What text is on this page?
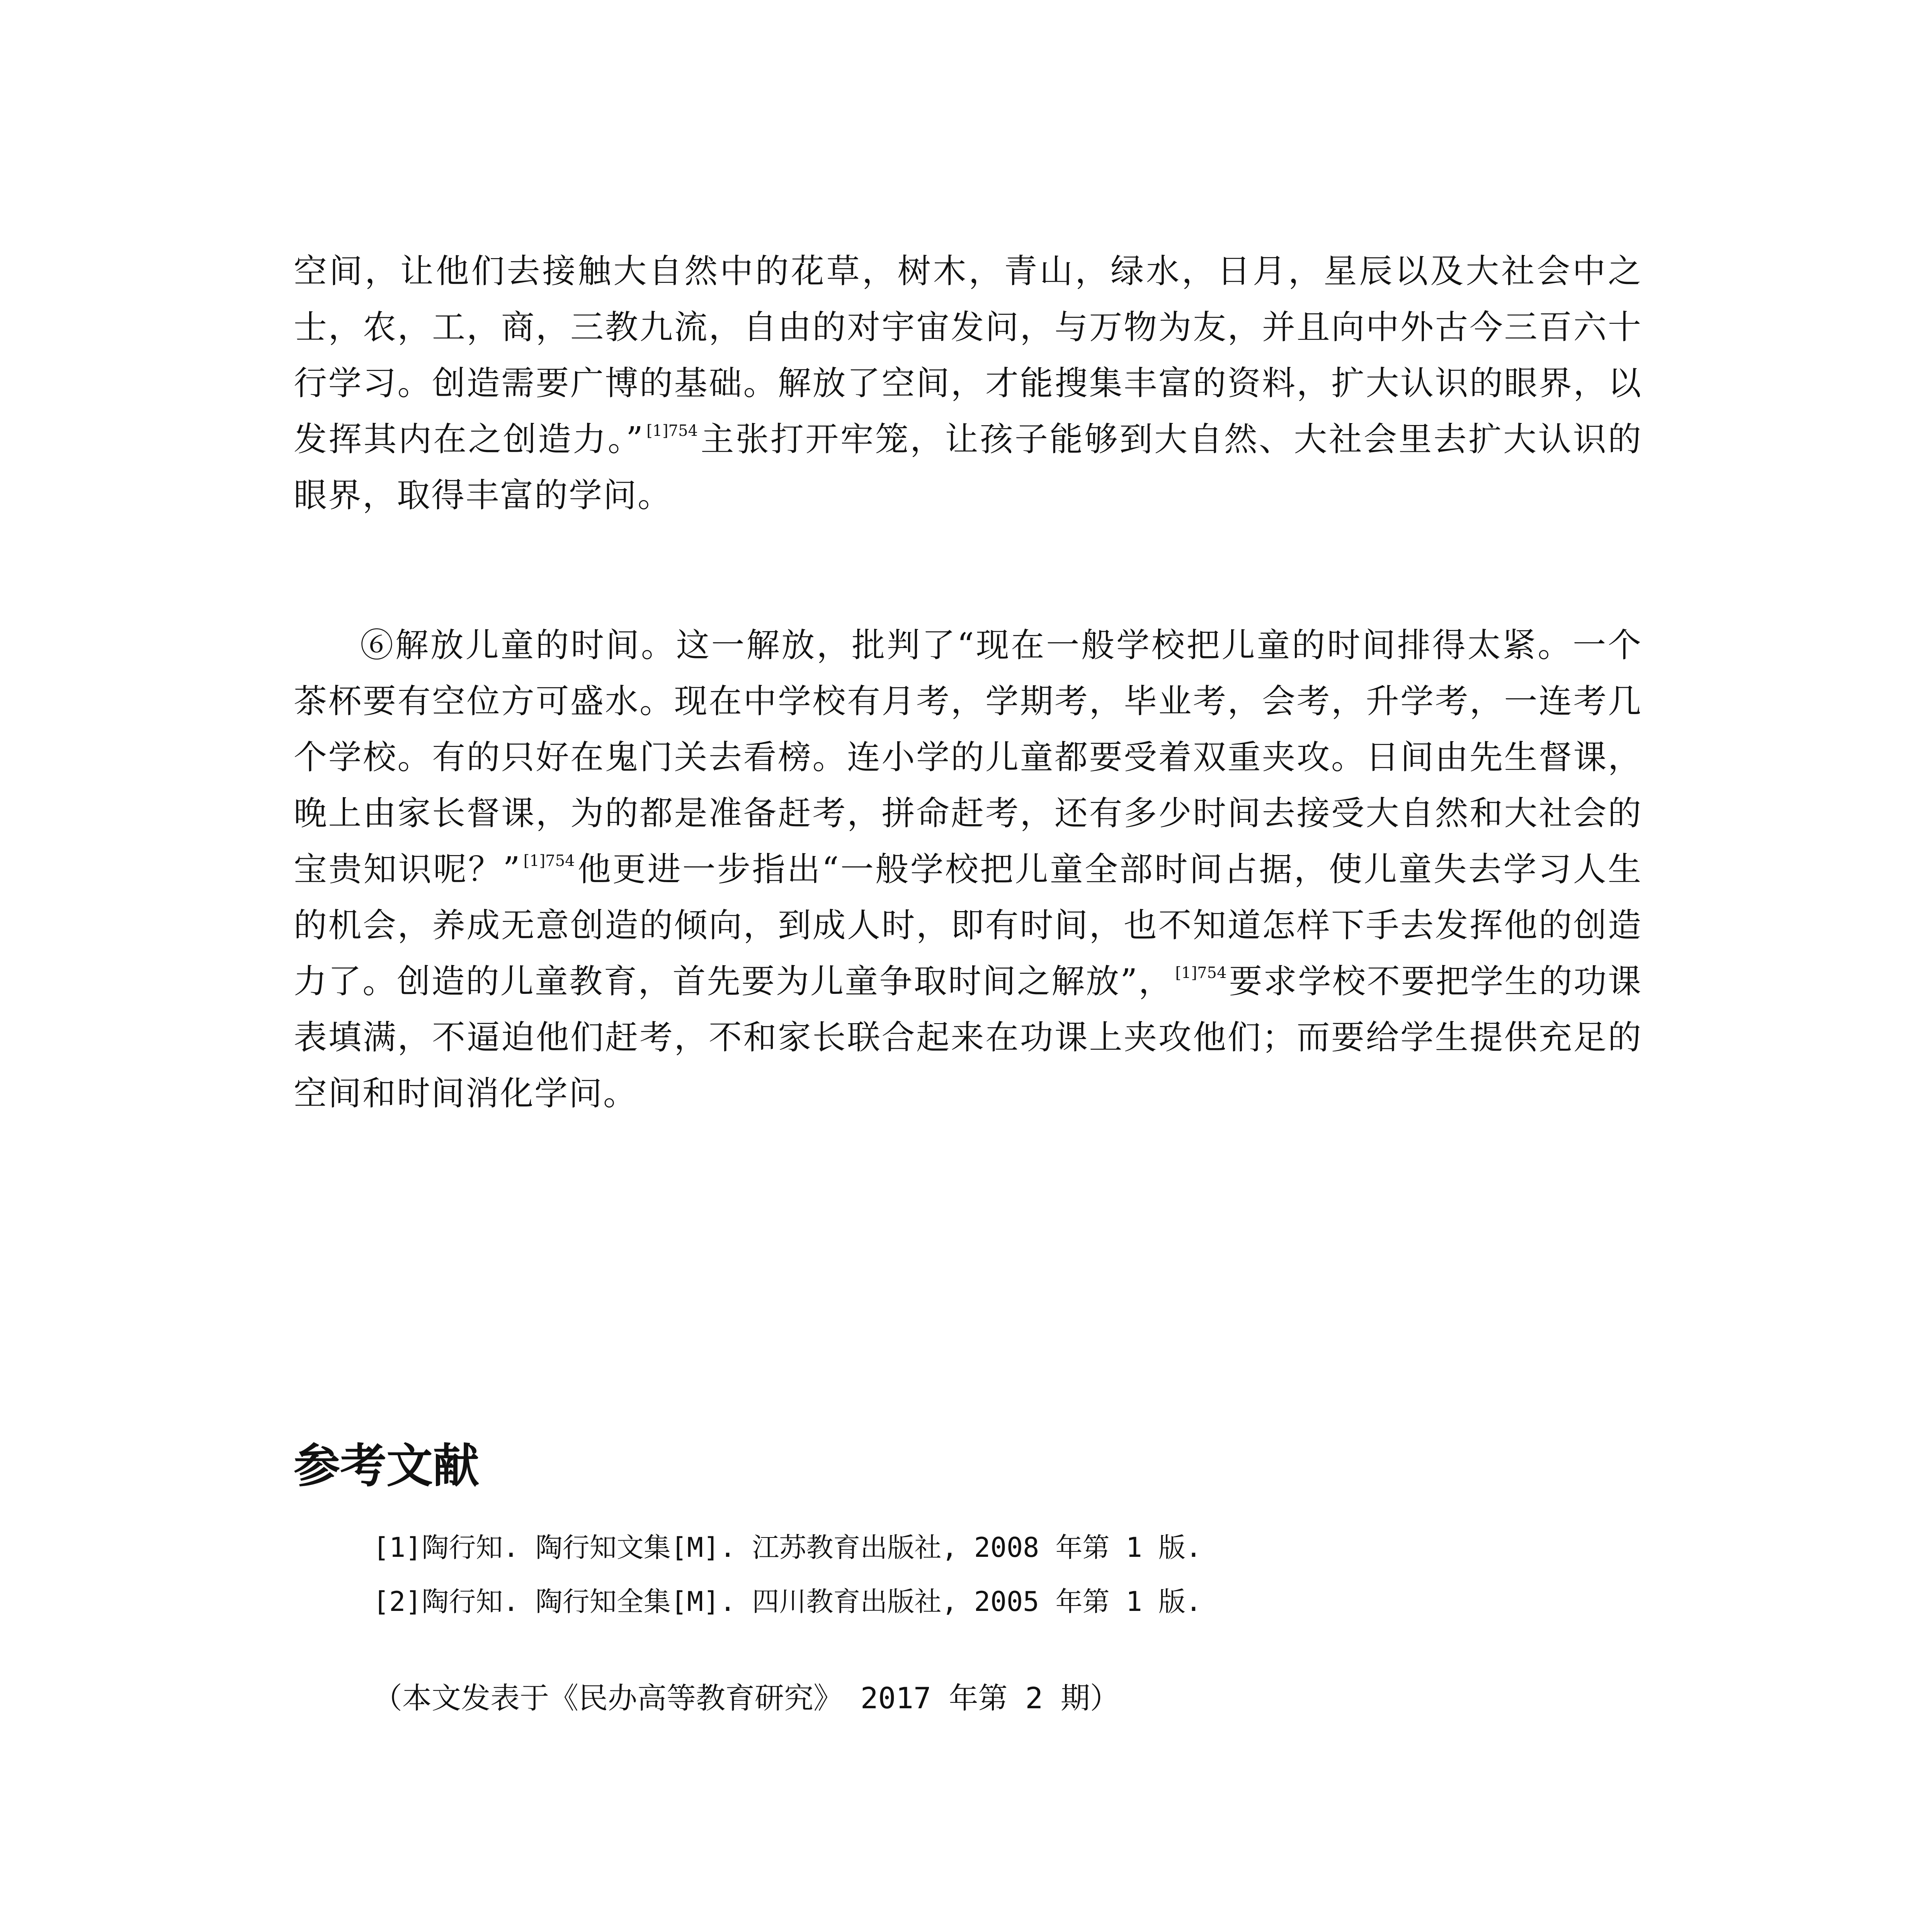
空间，让他们去接触大自然中的花草，树木，青山，绿水，日月，星辰以及大社会中之士，农，工，商，三教九流，自由的对宇宙发问，与万物为友，并且向中外古今三百六十行学习。创造需要广博的基础。解放了空间，才能搜集丰富的资料，扩大认识的眼界，以发挥其内在之创造力。” $^{[1]754}$主张打开牢笼，让孩子能够到大自然、大社会里去扩大认识的眼界，取得丰富的学问。

⑥解放儿童的时间。这一解放，批判了“现在一般学校把儿童的时间排得太紧。一个茶杯要有空位方可盛水。现在中学校有月考，学期考，毕业考，会考，升学考，一连考几个学校。有的只好在鬼门关去看榜。连小学的儿童都要受着双重夹攻。日间由先生督课，晚上由家长督课，为的都是准备赶考，拼命赶考，还有多少时间去接受大自然和大社会的宝贵知识呢？” $^{[1]754}$他更进一步指出“一般学校把儿童全部时间占据，使儿童失去学习人生的机会，养成无意创造的倾向，到成人时，即有时间，也不知道怎样下手去发挥他的创造力了。创造的儿童教育，首先要为儿童争取时间之解放”， $^{[1]754}$要求学校不要把学生的功课表填满，不逼迫他们赶考，不和家长联合起来在功课上夹攻他们；而要给学生提供充足的空间和时间消化学问。

参考文献
[1]陶行知. 陶行知文集[M]. 江苏教育出版社, 2008 年第 1 版.
[2]陶行知. 陶行知全集[M]. 四川教育出版社, 2005 年第 1 版.

（本文发表于《民办高等教育研究》 2017 年第 2 期）
